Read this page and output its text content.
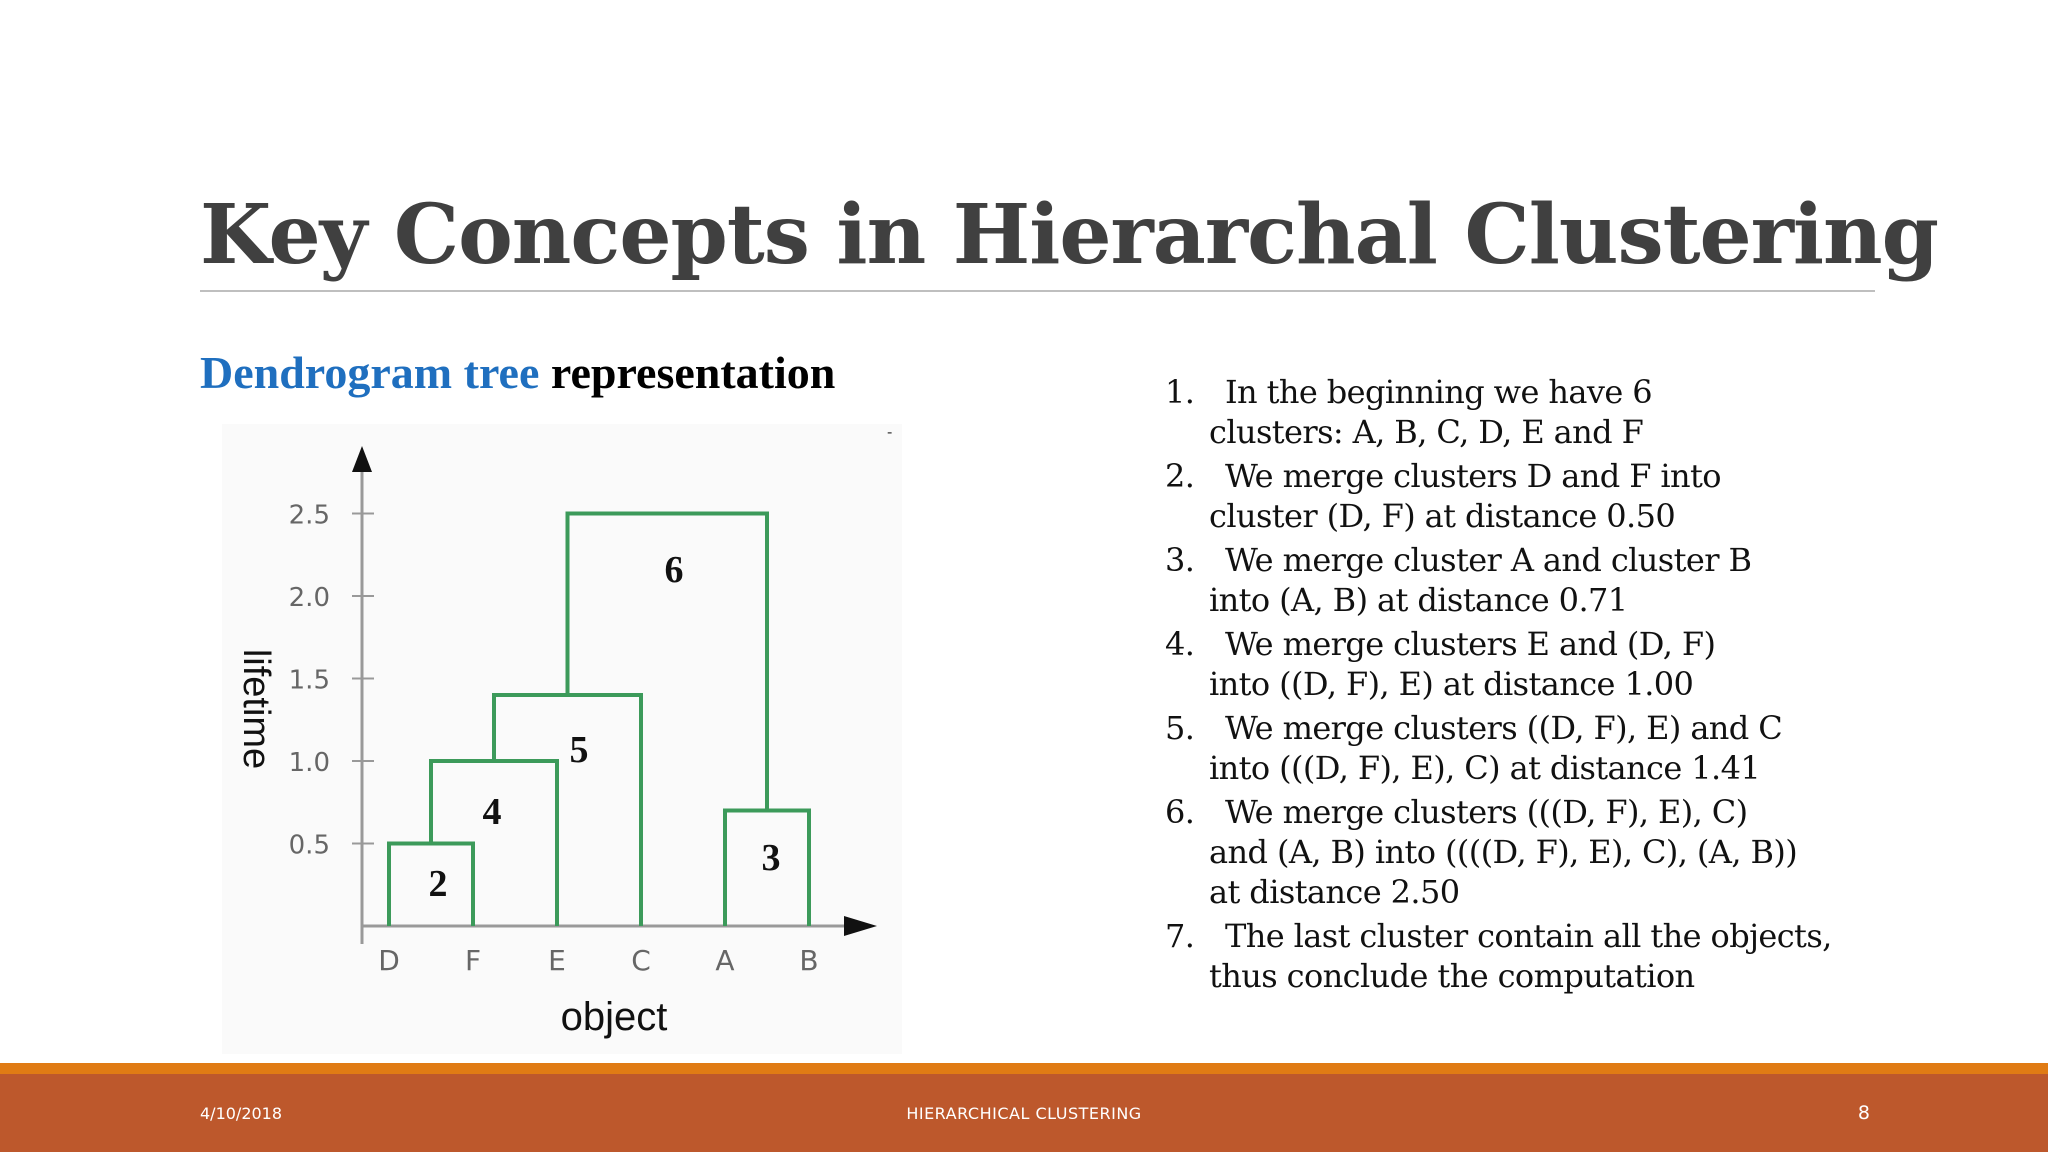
Key Concepts in Hierarchal Clustering
Dendrogram tree representation
-
0.5
1.0
1.5
2.0
2.5
2
4
5
3
6
D F E C A B
lifetime
object
1. In the beginning we have 6
clusters: A, B, C, D, E and F
2. We merge clusters D and F into
cluster (D, F) at distance 0.50
3. We merge cluster A and cluster B
into (A, B) at distance 0.71
4. We merge clusters E and (D, F)
into ((D, F), E) at distance 1.00
5. We merge clusters ((D, F), E) and C
into (((D, F), E), C) at distance 1.41
6. We merge clusters (((D, F), E), C)
and (A, B) into ((((D, F), E), C), (A, B))
at distance 2.50
7. The last cluster contain all the objects,
thus conclude the computation
4/10/2018	HIERARCHICAL CLUSTERING	8
